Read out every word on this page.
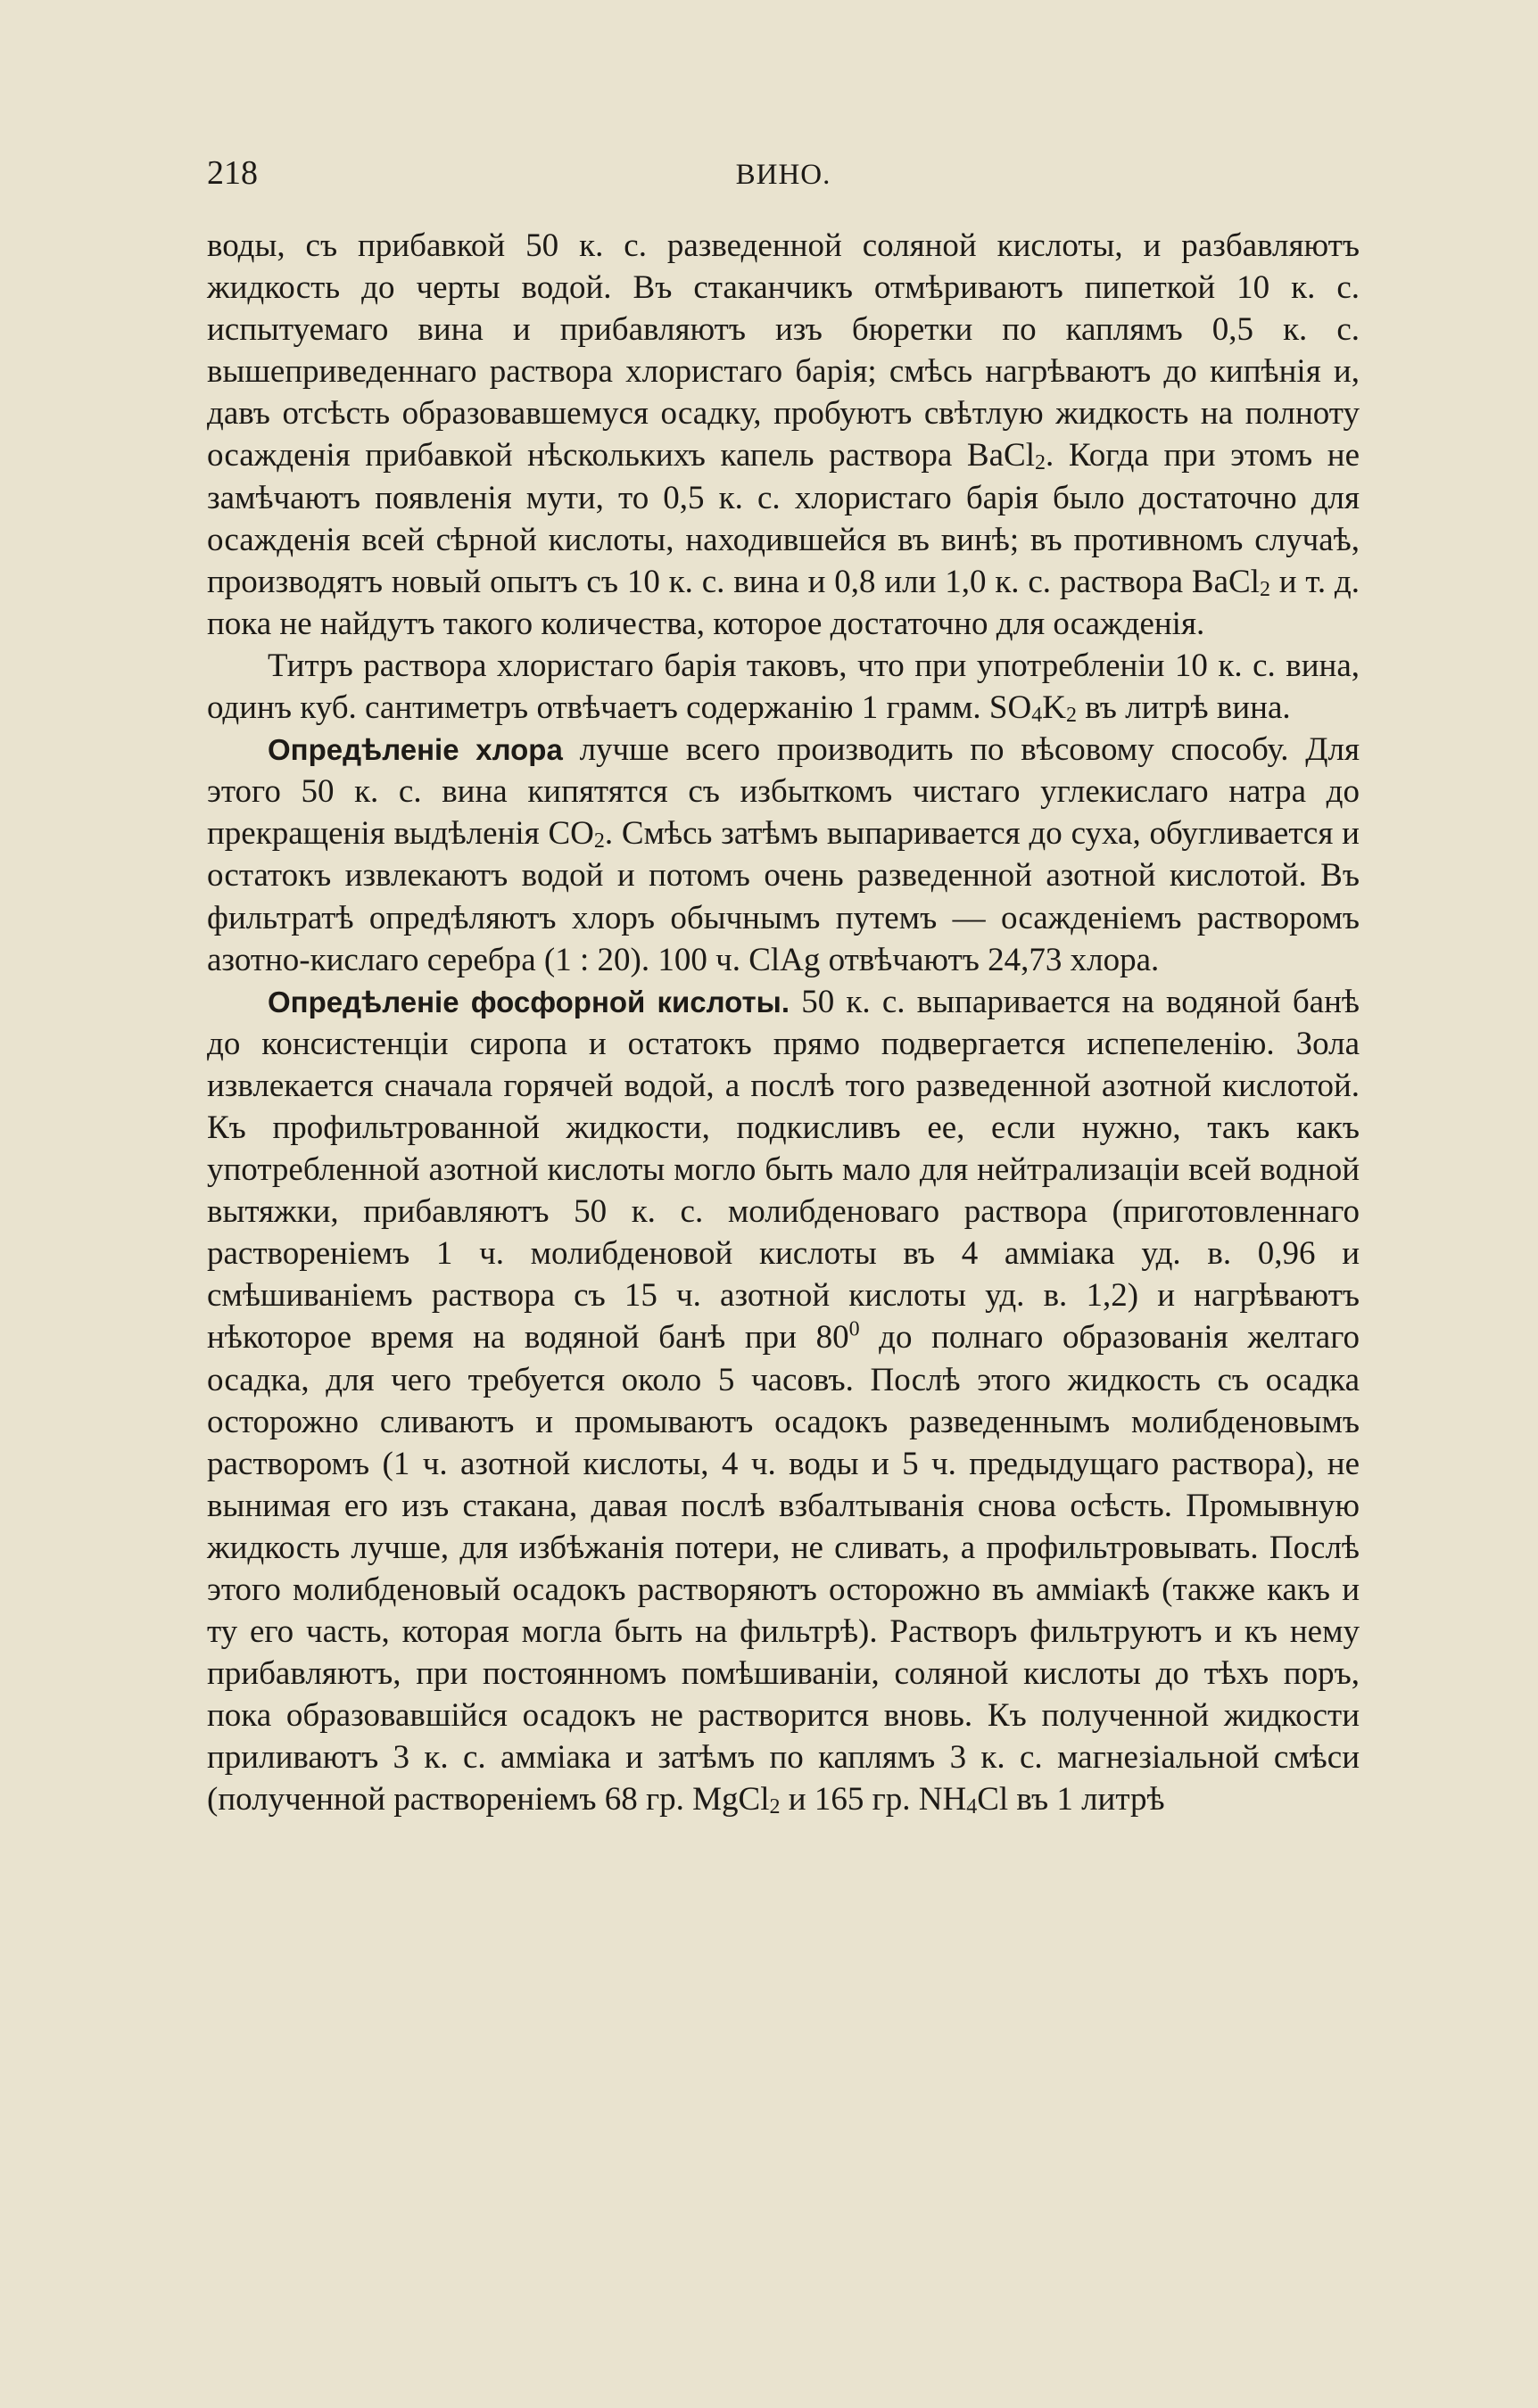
218	ВИНО.

воды, съ прибавкой 50 к. с. разведенной соляной кислоты, и разбавляютъ жидкость до черты водой. Въ стаканчикъ отмѣриваютъ пипеткой 10 к. с. испытуемаго вина и прибавляютъ изъ бюретки по каплямъ 0,5 к. с. вышеприведеннаго раствора хлористаго барія; смѣсь нагрѣваютъ до кипѣнія и, давъ отсѣсть образовавшемуся осадку, пробуютъ свѣтлую жидкость на полноту осажденія прибавкой нѣсколькихъ капель раствора BaCl$_2$. Когда при этомъ не замѣчаютъ появленія мути, то 0,5 к. с. хлористаго барія было достаточно для осажденія всей сѣрной кислоты, находившейся въ винѣ; въ противномъ случаѣ, производятъ новый опытъ съ 10 к. с. вина и 0,8 или 1,0 к. с. раствора BaCl$_2$ и т. д. пока не найдутъ такого количества, которое достаточно для осажденія.

Титръ раствора хлористаго барія таковъ, что при употребленіи 10 к. с. вина, одинъ куб. сантиметръ отвѣчаетъ содержанію 1 грамм. $SO_4K_2$ въ литрѣ вина.

Опредѣленіе хлора лучше всего производить по вѣсовому способу. Для этого 50 к. с. вина кипятятся съ избыткомъ чистаго углекислаго натра до прекращенія выдѣленія $CO_2$. Смѣсь затѣмъ выпаривается до суха, обугливается и остатокъ извлекаютъ водой и потомъ очень разведенной азотной кислотой. Въ фильтратѣ опредѣляютъ хлоръ обычнымъ путемъ — осажденіемъ растворомъ азотно-кислаго серебра (1 : 20). 100 ч. ClAg отвѣчаютъ 24,73 хлора.

Опредѣленіе фосфорной кислоты. 50 к. с. выпаривается на водяной банѣ до консистенціи сиропа и остатокъ прямо подвергается испепеленію. Зола извлекается сначала горячей водой, а послѣ того разведенной азотной кислотой. Къ профильтрованной жидкости, подкисливъ ее, если нужно, такъ какъ употребленной азотной кислоты могло быть мало для нейтрализаціи всей водной вытяжки, прибавляютъ 50 к. с. молибденоваго раствора (приготовленнаго раствореніемъ 1 ч. молибденовой кислоты въ 4 амміака уд. в. 0,96 и смѣшиваніемъ раствора съ 15 ч. азотной кислоты уд. в. 1,2) и нагрѣваютъ нѣкоторое время на водяной банѣ при $80^0$ до полнаго образованія желтаго осадка, для чего требуется около 5 часовъ. Послѣ этого жидкость съ осадка осторожно сливаютъ и промываютъ осадокъ разведеннымъ молибденовымъ растворомъ (1 ч. азотной кислоты, 4 ч. воды и 5 ч. предыдущаго раствора), не вынимая его изъ стакана, давая послѣ взбалтыванія снова осѣсть. Промывную жидкость лучше, для избѣжанія потери, не сливать, а профильтровывать. Послѣ этого молибденовый осадокъ растворяютъ осторожно въ амміакѣ (также какъ и ту его часть, которая могла быть на фильтрѣ). Растворъ фильтруютъ и къ нему прибавляютъ, при постоянномъ помѣшиваніи, соляной кислоты до тѣхъ поръ, пока образовавшійся осадокъ не растворится вновь. Къ полученной жидкости приливаютъ 3 к. с. амміака и затѣмъ по каплямъ 3 к. с. магнезіальной смѣси (полученной раствореніемъ 68 гр. MgCl$_2$ и 165 гр. $NH_4Cl$ въ 1 литрѣ
